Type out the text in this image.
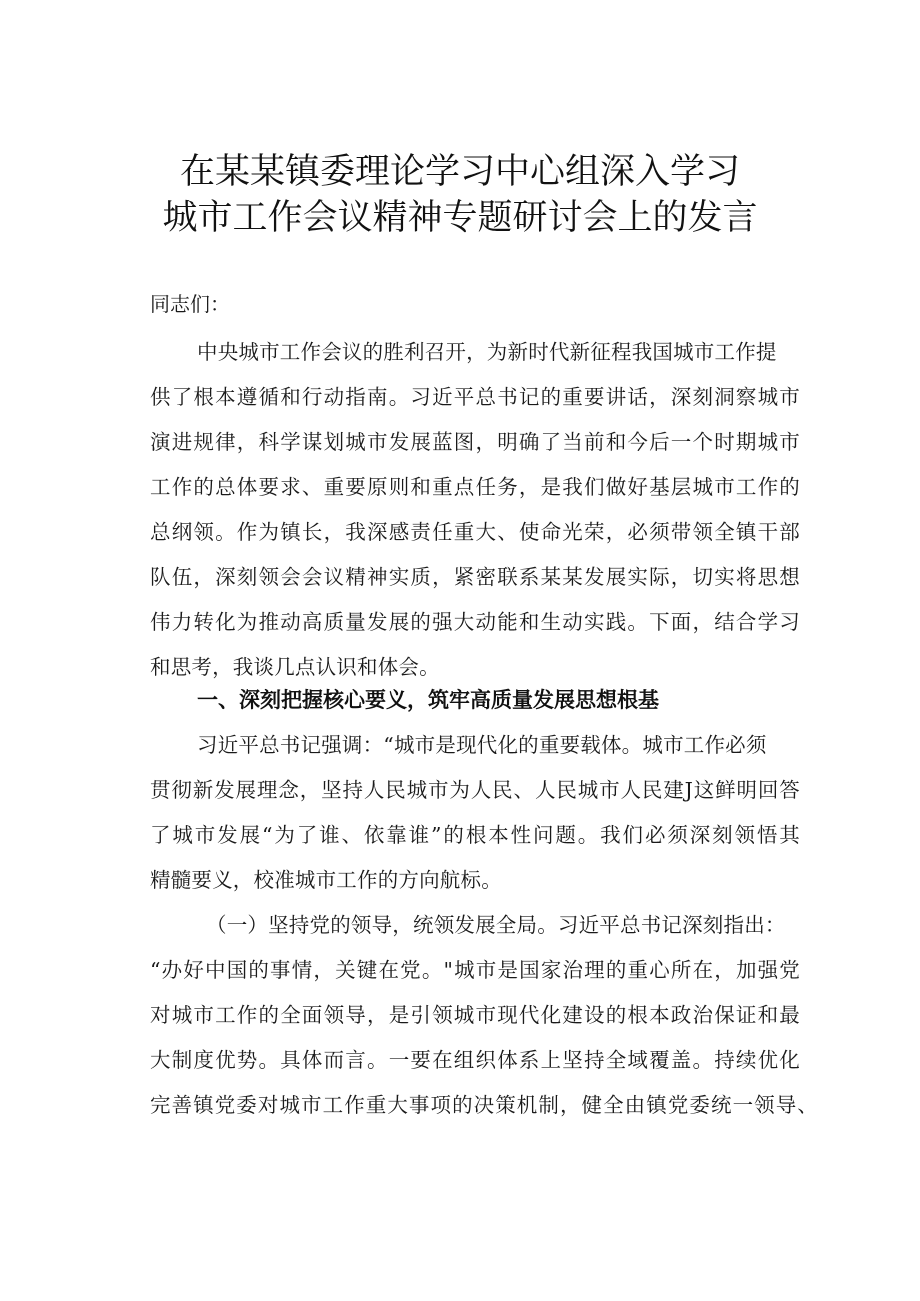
在某某镇委理论学习中心组深入学习
城市工作会议精神专题研讨会上的发言
同志们：
中央城市工作会议的胜利召开，为新时代新征程我国城市工作提
供了根本遵循和行动指南。习近平总书记的重要讲话，深刻洞察城市
演进规律，科学谋划城市发展蓝图，明确了当前和今后一个时期城市
工作的总体要求、重要原则和重点任务，是我们做好基层城市工作的
总纲领。作为镇长，我深感责任重大、使命光荣，必须带领全镇干部
队伍，深刻领会会议精神实质，紧密联系某某发展实际，切实将思想
伟力转化为推动高质量发展的强大动能和生动实践。下面，结合学习
和思考，我谈几点认识和体会。
一、深刻把握核心要义，筑牢高质量发展思想根基
习近平总书记强调：“城市是现代化的重要载体。城市工作必须
贯彻新发展理念，坚持人民城市为人民、人民城市人民建J这鲜明回答
了城市发展“为了谁、依靠谁”的根本性问题。我们必须深刻领悟其
精髓要义，校准城市工作的方向航标。
（一）坚持党的领导，统领发展全局。习近平总书记深刻指出：
“办好中国的事情，关键在党。"城市是国家治理的重心所在，加强党
对城市工作的全面领导，是引领城市现代化建设的根本政治保证和最
大制度优势。具体而言。一要在组织体系上坚持全域覆盖。持续优化
完善镇党委对城市工作重大事项的决策机制，健全由镇党委统一领导、
